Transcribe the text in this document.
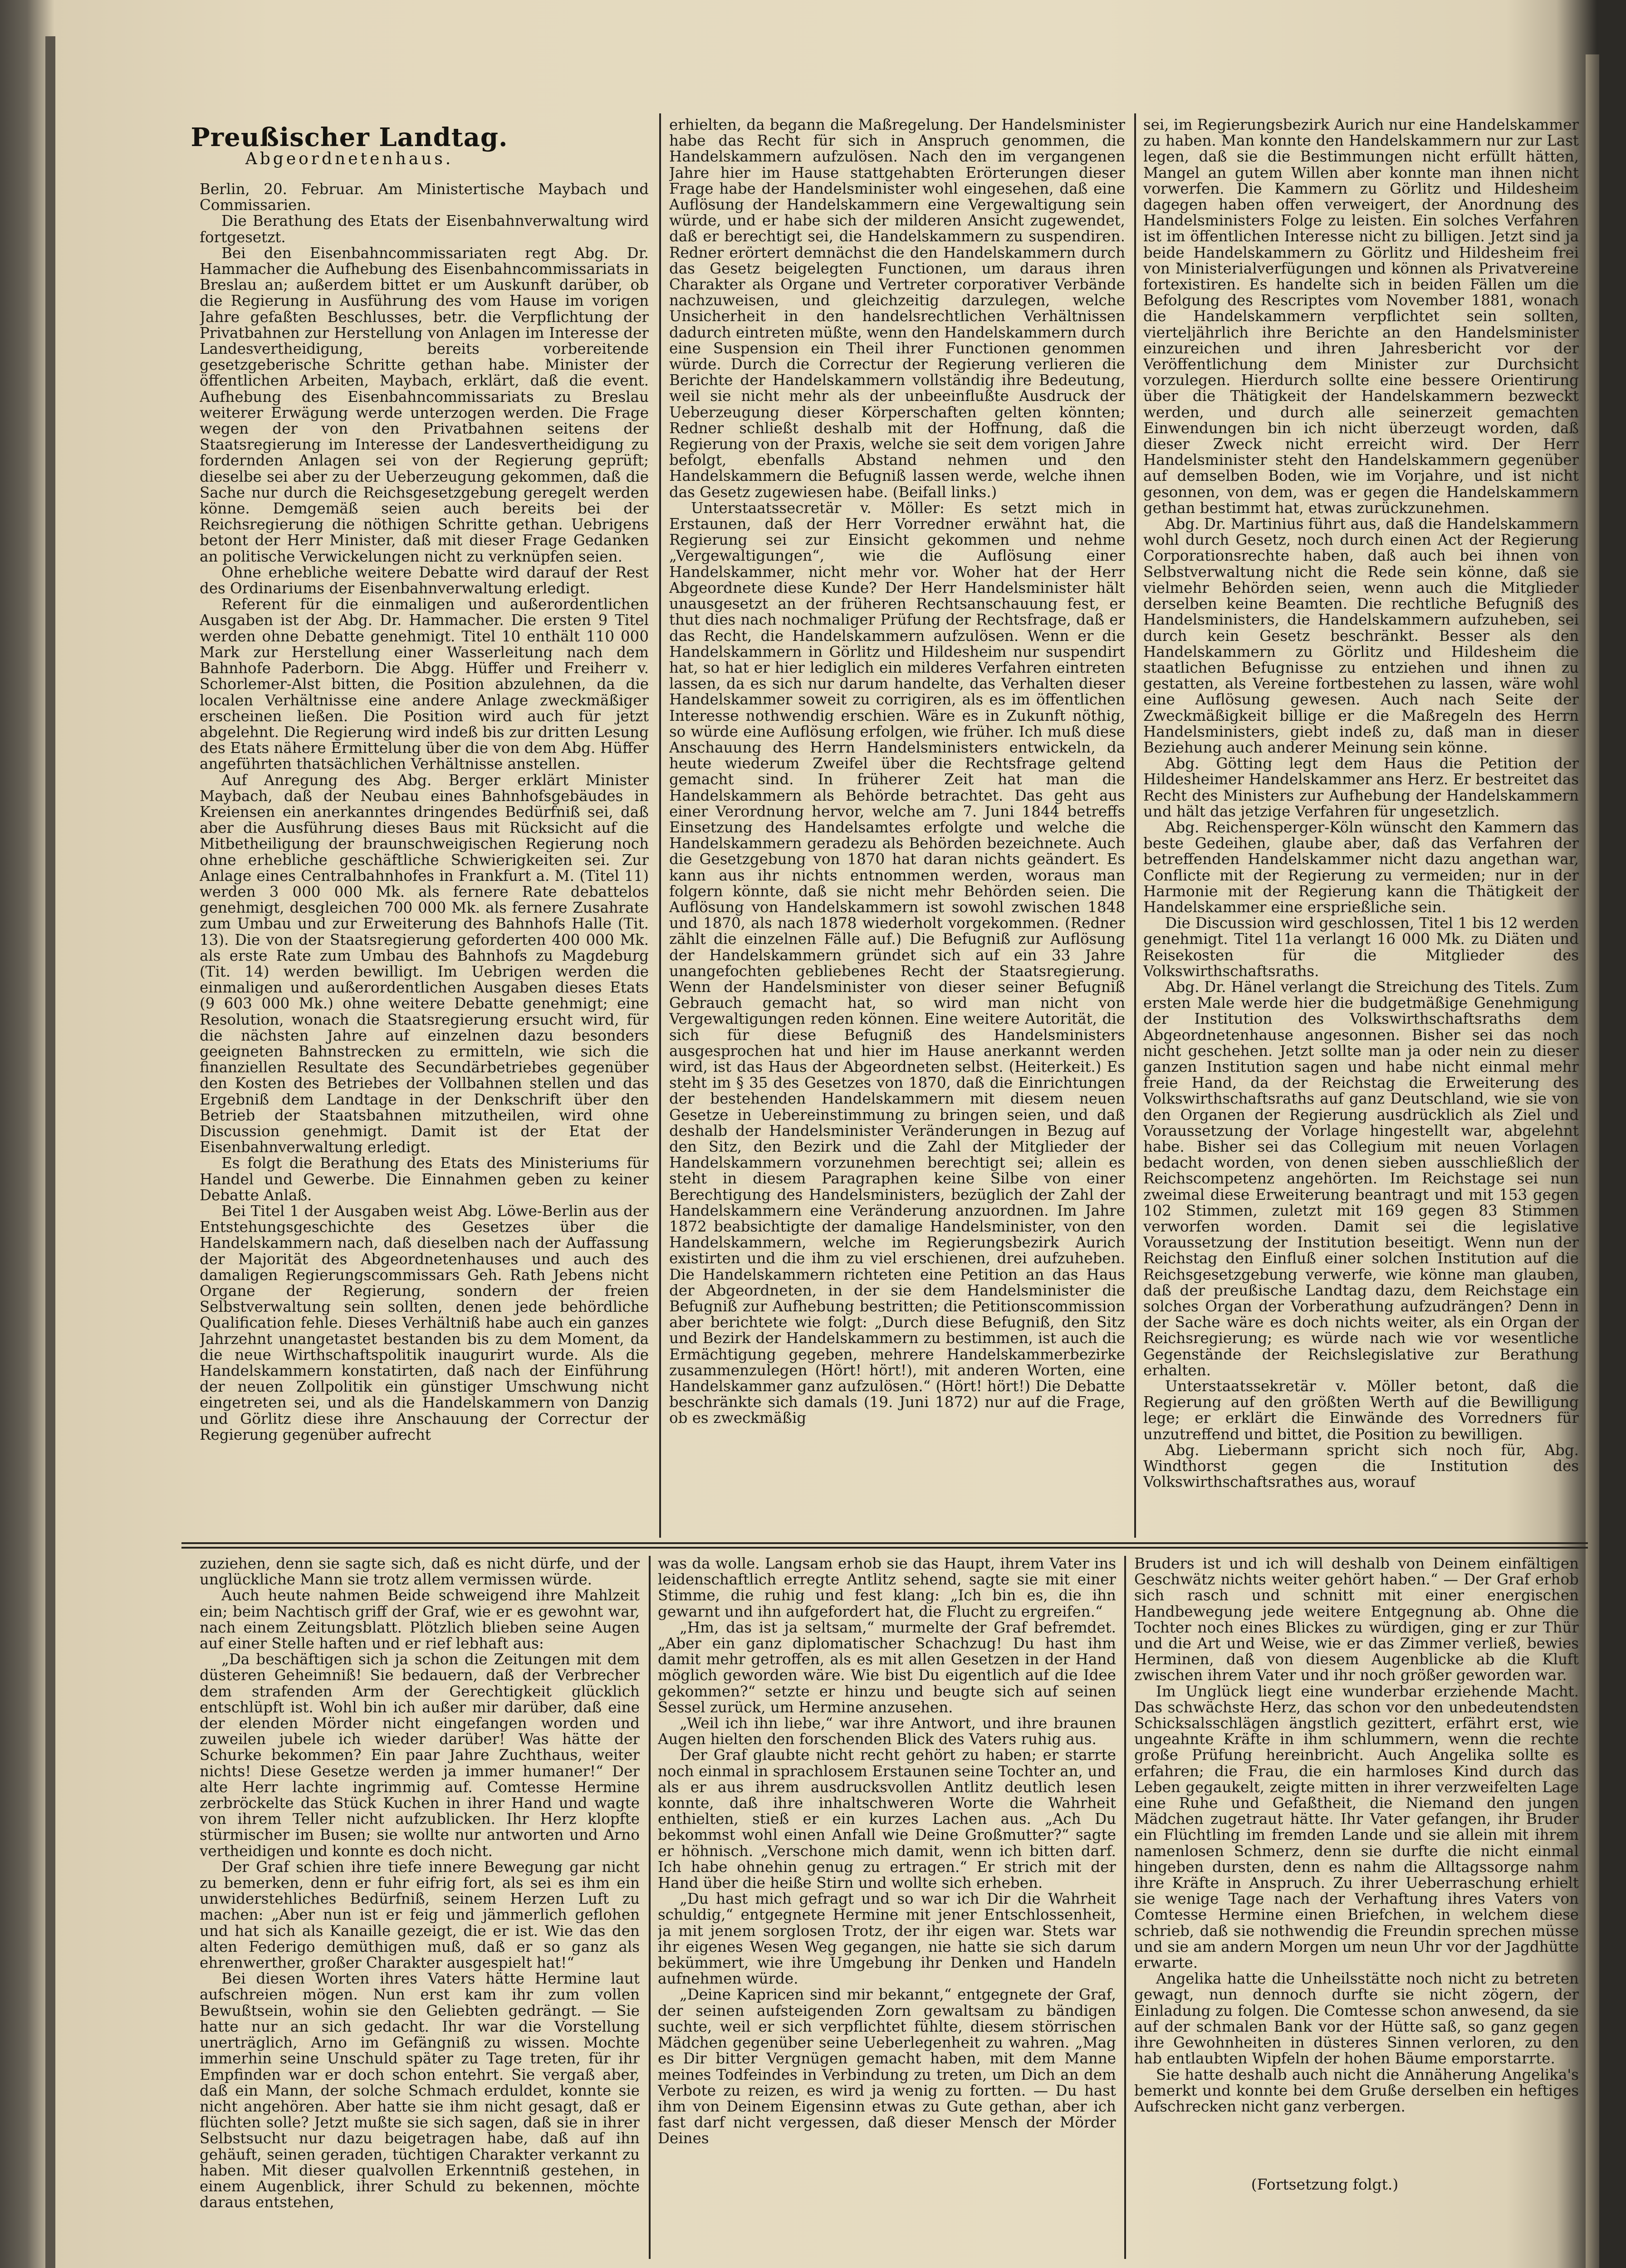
Preußischer Landtag.
Abgeordnetenhaus.

Berlin, 20. Februar. Am Ministertische Maybach und Commissarien.

Die Berathung des Etats der Eisenbahnverwaltung wird fortgesetzt.

Bei den Eisenbahncommissariaten regt Abg. Dr. Hammacher die Aufhebung des Eisenbahncommissariats in Breslau an; außerdem bittet er um Auskunft darüber, ob die Regierung in Ausführung des vom Hause im vorigen Jahre gefaßten Beschlusses, betr. die Verpflichtung der Privatbahnen zur Herstellung von Anlagen im Interesse der Landesvertheidigung, bereits vorbereitende gesetzgeberische Schritte gethan habe. Minister der öffentlichen Arbeiten, Maybach, erklärt, daß die event. Aufhebung des Eisenbahncommissariats zu Breslau weiterer Erwägung werde unterzogen werden. Die Frage wegen der von den Privatbahnen seitens der Staatsregierung im Interesse der Landesvertheidigung zu fordernden Anlagen sei von der Regierung geprüft; dieselbe sei aber zu der Ueberzeugung gekommen, daß die Sache nur durch die Reichsgesetzgebung geregelt werden könne. Demgemäß seien auch bereits bei der Reichsregierung die nöthigen Schritte gethan. Uebrigens betont der Herr Minister, daß mit dieser Frage Gedanken an politische Verwickelungen nicht zu verknüpfen seien.

Ohne erhebliche weitere Debatte wird darauf der Rest des Ordinariums der Eisenbahnverwaltung erledigt.

Referent für die einmaligen und außerordentlichen Ausgaben ist der Abg. Dr. Hammacher. Die ersten 9 Titel werden ohne Debatte genehmigt. Titel 10 enthält 110 000 Mark zur Herstellung einer Wasserleitung nach dem Bahnhofe Paderborn. Die Abgg. Hüffer und Freiherr v. Schorlemer-Alst bitten, die Position abzulehnen, da die localen Verhältnisse eine andere Anlage zweckmäßiger erscheinen ließen. Die Position wird auch für jetzt abgelehnt. Die Regierung wird indeß bis zur dritten Lesung des Etats nähere Ermittelung über die von dem Abg. Hüffer angeführten thatsächlichen Verhältnisse anstellen.

Auf Anregung des Abg. Berger erklärt Minister Maybach, daß der Neubau eines Bahnhofsgebäudes in Kreiensen ein anerkanntes dringendes Bedürfniß sei, daß aber die Ausführung dieses Baus mit Rücksicht auf die Mitbetheiligung der braunschweigischen Regierung noch ohne erhebliche geschäftliche Schwierigkeiten sei. Zur Anlage eines Centralbahnhofes in Frankfurt a. M. (Titel 11) werden 3 000 000 Mk. als fernere Rate debattelos genehmigt, desgleichen 700 000 Mk. als fernere Zusahrate zum Umbau und zur Erweiterung des Bahnhofs Halle (Tit. 13). Die von der Staatsregierung geforderten 400 000 Mk. als erste Rate zum Umbau des Bahnhofs zu Magdeburg (Tit. 14) werden bewilligt. Im Uebrigen werden die einmaligen und außerordentlichen Ausgaben dieses Etats (9 603 000 Mk.) ohne weitere Debatte genehmigt; eine Resolution, wonach die Staatsregierung ersucht wird, für die nächsten Jahre auf einzelnen dazu besonders geeigneten Bahnstrecken zu ermitteln, wie sich die finanziellen Resultate des Secundärbetriebes gegenüber den Kosten des Betriebes der Vollbahnen stellen und das Ergebniß dem Landtage in der Denkschrift über den Betrieb der Staatsbahnen mitzutheilen, wird ohne Discussion genehmigt. Damit ist der Etat der Eisenbahnverwaltung erledigt.

Es folgt die Berathung des Etats des Ministeriums für Handel und Gewerbe. Die Einnahmen geben zu keiner Debatte Anlaß.

Bei Titel 1 der Ausgaben weist Abg. Löwe-Berlin aus der Entstehungsgeschichte des Gesetzes über die Handelskammern nach, daß dieselben nach der Auffassung der Majorität des Abgeordnetenhauses und auch des damaligen Regierungscommissars Geh. Rath Jebens nicht Organe der Regierung, sondern der freien Selbstverwaltung sein sollten, denen jede behördliche Qualification fehle. Dieses Verhältniß habe auch ein ganzes Jahrzehnt unangetastet bestanden bis zu dem Moment, da die neue Wirthschaftspolitik inaugurirt wurde. Als die Handelskammern konstatirten, daß nach der Einführung der neuen Zollpolitik ein günstiger Umschwung nicht eingetreten sei, und als die Handelskammern von Danzig und Görlitz diese ihre Anschauung der Correctur der Regierung gegenüber aufrecht

erhielten, da begann die Maßregelung. Der Handelsminister habe das Recht für sich in Anspruch genommen, die Handelskammern aufzulösen. Nach den im vergangenen Jahre hier im Hause stattgehabten Erörterungen dieser Frage habe der Handelsminister wohl eingesehen, daß eine Auflösung der Handelskammern eine Vergewaltigung sein würde, und er habe sich der milderen Ansicht zugewendet, daß er berechtigt sei, die Handelskammern zu suspendiren. Redner erörtert demnächst die den Handelskammern durch das Gesetz beigelegten Functionen, um daraus ihren Charakter als Organe und Vertreter corporativer Verbände nachzuweisen, und gleichzeitig darzulegen, welche Unsicherheit in den handelsrechtlichen Verhältnissen dadurch eintreten müßte, wenn den Handelskammern durch eine Suspension ein Theil ihrer Functionen genommen würde. Durch die Correctur der Regierung verlieren die Berichte der Handelskammern vollständig ihre Bedeutung, weil sie nicht mehr als der unbeeinflußte Ausdruck der Ueberzeugung dieser Körperschaften gelten könnten; Redner schließt deshalb mit der Hoffnung, daß die Regierung von der Praxis, welche sie seit dem vorigen Jahre befolgt, ebenfalls Abstand nehmen und den Handelskammern die Befugniß lassen werde, welche ihnen das Gesetz zugewiesen habe. (Beifall links.)

Unterstaatssecretär v. Möller: Es setzt mich in Erstaunen, daß der Herr Vorredner erwähnt hat, die Regierung sei zur Einsicht gekommen und nehme „Vergewaltigungen“, wie die Auflösung einer Handelskammer, nicht mehr vor. Woher hat der Herr Abgeordnete diese Kunde? Der Herr Handelsminister hält unausgesetzt an der früheren Rechtsanschauung fest, er thut dies nach nochmaliger Prüfung der Rechtsfrage, daß er das Recht, die Handelskammern aufzulösen. Wenn er die Handelskammern in Görlitz und Hildesheim nur suspendirt hat, so hat er hier lediglich ein milderes Verfahren eintreten lassen, da es sich nur darum handelte, das Verhalten dieser Handelskammer soweit zu corrigiren, als es im öffentlichen Interesse nothwendig erschien. Wäre es in Zukunft nöthig, so würde eine Auflösung erfolgen, wie früher. Ich muß diese Anschauung des Herrn Handelsministers entwickeln, da heute wiederum Zweifel über die Rechtsfrage geltend gemacht sind. In früherer Zeit hat man die Handelskammern als Behörde betrachtet. Das geht aus einer Verordnung hervor, welche am 7. Juni 1844 betreffs Einsetzung des Handelsamtes erfolgte und welche die Handelskammern geradezu als Behörden bezeichnete. Auch die Gesetzgebung von 1870 hat daran nichts geändert. Es kann aus ihr nichts entnommen werden, woraus man folgern könnte, daß sie nicht mehr Behörden seien. Die Auflösung von Handelskammern ist sowohl zwischen 1848 und 1870, als nach 1878 wiederholt vorgekommen. (Redner zählt die einzelnen Fälle auf.) Die Befugniß zur Auflösung der Handelskammern gründet sich auf ein 33 Jahre unangefochten gebliebenes Recht der Staatsregierung. Wenn der Handelsminister von dieser seiner Befugniß Gebrauch gemacht hat, so wird man nicht von Vergewaltigungen reden können. Eine weitere Autorität, die sich für diese Befugniß des Handelsministers ausgesprochen hat und hier im Hause anerkannt werden wird, ist das Haus der Abgeordneten selbst. (Heiterkeit.) Es steht im § 35 des Gesetzes von 1870, daß die Einrichtungen der bestehenden Handelskammern mit diesem neuen Gesetze in Uebereinstimmung zu bringen seien, und daß deshalb der Handelsminister Veränderungen in Bezug auf den Sitz, den Bezirk und die Zahl der Mitglieder der Handelskammern vorzunehmen berechtigt sei; allein es steht in diesem Paragraphen keine Silbe von einer Berechtigung des Handelsministers, bezüglich der Zahl der Handelskammern eine Veränderung anzuordnen. Im Jahre 1872 beabsichtigte der damalige Handelsminister, von den Handelskammern, welche im Regierungsbezirk Aurich existirten und die ihm zu viel erschienen, drei aufzuheben. Die Handelskammern richteten eine Petition an das Haus der Abgeordneten, in der sie dem Handelsminister die Befugniß zur Aufhebung bestritten; die Petitionscommission aber berichtete wie folgt: „Durch diese Befugniß, den Sitz und Bezirk der Handelskammern zu bestimmen, ist auch die Ermächtigung gegeben, mehrere Handelskammerbezirke zusammenzulegen (Hört! hört!), mit anderen Worten, eine Handelskammer ganz aufzulösen.“ (Hört! hört!) Die Debatte beschränkte sich damals (19. Juni 1872) nur auf die Frage, ob es zweckmäßig

sei, im Regierungsbezirk Aurich nur eine Handelskammer zu haben. Man konnte den Handelskammern nur zur Last legen, daß sie die Bestimmungen nicht erfüllt hätten, Mangel an gutem Willen aber konnte man ihnen nicht vorwerfen. Die Kammern zu Görlitz und Hildesheim dagegen haben offen verweigert, der Anordnung des Handelsministers Folge zu leisten. Ein solches Verfahren ist im öffentlichen Interesse nicht zu billigen. Jetzt sind ja beide Handelskammern zu Görlitz und Hildesheim frei von Ministerialverfügungen und können als Privatvereine fortexistiren. Es handelte sich in beiden Fällen um die Befolgung des Rescriptes vom November 1881, wonach die Handelskammern verpflichtet sein sollten, vierteljährlich ihre Berichte an den Handelsminister einzureichen und ihren Jahresbericht vor der Veröffentlichung dem Minister zur Durchsicht vorzulegen. Hierdurch sollte eine bessere Orientirung über die Thätigkeit der Handelskammern bezweckt werden, und durch alle seinerzeit gemachten Einwendungen bin ich nicht überzeugt worden, daß dieser Zweck nicht erreicht wird. Der Herr Handelsminister steht den Handelskammern gegenüber auf demselben Boden, wie im Vorjahre, und ist nicht gesonnen, von dem, was er gegen die Handelskammern gethan bestimmt hat, etwas zurückzunehmen.

Abg. Dr. Martinius führt aus, daß die Handelskammern wohl durch Gesetz, noch durch einen Act der Regierung Corporationsrechte haben, daß auch bei ihnen von Selbstverwaltung nicht die Rede sein könne, daß sie vielmehr Behörden seien, wenn auch die Mitglieder derselben keine Beamten. Die rechtliche Befugniß des Handelsministers, die Handelskammern aufzuheben, sei durch kein Gesetz beschränkt. Besser als den Handelskammern zu Görlitz und Hildesheim die staatlichen Befugnisse zu entziehen und ihnen zu gestatten, als Vereine fortbestehen zu lassen, wäre wohl eine Auflösung gewesen. Auch nach Seite der Zweckmäßigkeit billige er die Maßregeln des Herrn Handelsministers, giebt indeß zu, daß man in dieser Beziehung auch anderer Meinung sein könne.

Abg. Götting legt dem Haus die Petition der Hildesheimer Handelskammer ans Herz. Er bestreitet das Recht des Ministers zur Aufhebung der Handelskammern und hält das jetzige Verfahren für ungesetzlich.

Abg. Reichensperger-Köln wünscht den Kammern das beste Gedeihen, glaube aber, daß das Verfahren der betreffenden Handelskammer nicht dazu angethan war, Conflicte mit der Regierung zu vermeiden; nur in der Harmonie mit der Regierung kann die Thätigkeit der Handelskammer eine ersprießliche sein.

Die Discussion wird geschlossen, Titel 1 bis 12 werden genehmigt. Titel 11a verlangt 16 000 Mk. zu Diäten und Reisekosten für die Mitglieder des Volkswirthschaftsraths.

Abg. Dr. Hänel verlangt die Streichung des Titels. Zum ersten Male werde hier die budgetmäßige Genehmigung der Institution des Volkswirthschaftsraths dem Abgeordnetenhause angesonnen. Bisher sei das noch nicht geschehen. Jetzt sollte man ja oder nein zu dieser ganzen Institution sagen und habe nicht einmal mehr freie Hand, da der Reichstag die Erweiterung des Volkswirthschaftsraths auf ganz Deutschland, wie sie von den Organen der Regierung ausdrücklich als Ziel und Voraussetzung der Vorlage hingestellt war, abgelehnt habe. Bisher sei das Collegium mit neuen Vorlagen bedacht worden, von denen sieben ausschließlich der Reichscompetenz angehörten. Im Reichstage sei nun zweimal diese Erweiterung beantragt und mit 153 gegen 102 Stimmen, zuletzt mit 169 gegen 83 Stimmen verworfen worden. Damit sei die legislative Voraussetzung der Institution beseitigt. Wenn nun der Reichstag den Einfluß einer solchen Institution auf die Reichsgesetzgebung verwerfe, wie könne man glauben, daß der preußische Landtag dazu, dem Reichstage ein solches Organ der Vorberathung aufzudrängen? Denn in der Sache wäre es doch nichts weiter, als ein Organ der Reichsregierung; es würde nach wie vor wesentliche Gegenstände der Reichslegislative zur Berathung erhalten.

Unterstaatssekretär v. Möller betont, daß die Regierung auf den größten Werth auf die Bewilligung lege; er erklärt die Einwände des Vorredners für unzutreffend und bittet, die Position zu bewilligen.

Abg. Liebermann spricht sich noch für, Abg. Windthorst gegen die Institution des Volkswirthschaftsrathes aus, worauf

zuziehen, denn sie sagte sich, daß es nicht dürfe, und der unglückliche Mann sie trotz allem vermissen würde.

Auch heute nahmen Beide schweigend ihre Mahlzeit ein; beim Nachtisch griff der Graf, wie er es gewohnt war, nach einem Zeitungsblatt. Plötzlich blieben seine Augen auf einer Stelle haften und er rief lebhaft aus:

„Da beschäftigen sich ja schon die Zeitungen mit dem düsteren Geheimniß! Sie bedauern, daß der Verbrecher dem strafenden Arm der Gerechtigkeit glücklich entschlüpft ist. Wohl bin ich außer mir darüber, daß eine der elenden Mörder nicht eingefangen worden und zuweilen jubele ich wieder darüber! Was hätte der Schurke bekommen? Ein paar Jahre Zuchthaus, weiter nichts! Diese Gesetze werden ja immer humaner!“ Der alte Herr lachte ingrimmig auf. Comtesse Hermine zerbröckelte das Stück Kuchen in ihrer Hand und wagte von ihrem Teller nicht aufzublicken. Ihr Herz klopfte stürmischer im Busen; sie wollte nur antworten und Arno vertheidigen und konnte es doch nicht.

Der Graf schien ihre tiefe innere Bewegung gar nicht zu bemerken, denn er fuhr eifrig fort, als sei es ihm ein unwiderstehliches Bedürfniß, seinem Herzen Luft zu machen: „Aber nun ist er feig und jämmerlich geflohen und hat sich als Kanaille gezeigt, die er ist. Wie das den alten Federigo demüthigen muß, daß er so ganz als ehrenwerther, großer Charakter ausgespielt hat!“

Bei diesen Worten ihres Vaters hätte Hermine laut aufschreien mögen. Nun erst kam ihr zum vollen Bewußtsein, wohin sie den Geliebten gedrängt. — Sie hatte nur an sich gedacht. Ihr war die Vorstellung unerträglich, Arno im Gefängniß zu wissen. Mochte immerhin seine Unschuld später zu Tage treten, für ihr Empfinden war er doch schon entehrt. Sie vergaß aber, daß ein Mann, der solche Schmach erduldet, konnte sie nicht angehören. Aber hatte sie ihm nicht gesagt, daß er flüchten solle? Jetzt mußte sie sich sagen, daß sie in ihrer Selbstsucht nur dazu beigetragen habe, daß auf ihn gehäuft, seinen geraden, tüchtigen Charakter verkannt zu haben. Mit dieser qualvollen Erkenntniß gestehen, in einem Augenblick, ihrer Schuld zu bekennen, möchte daraus entstehen,

was da wolle. Langsam erhob sie das Haupt, ihrem Vater ins leidenschaftlich erregte Antlitz sehend, sagte sie mit einer Stimme, die ruhig und fest klang: „Ich bin es, die ihn gewarnt und ihn aufgefordert hat, die Flucht zu ergreifen.“

„Hm, das ist ja seltsam,“ murmelte der Graf befremdet. „Aber ein ganz diplomatischer Schachzug! Du hast ihm damit mehr getroffen, als es mit allen Gesetzen in der Hand möglich geworden wäre. Wie bist Du eigentlich auf die Idee gekommen?“ setzte er hinzu und beugte sich auf seinen Sessel zurück, um Hermine anzusehen.

„Weil ich ihn liebe,“ war ihre Antwort, und ihre braunen Augen hielten den forschenden Blick des Vaters ruhig aus.

Der Graf glaubte nicht recht gehört zu haben; er starrte noch einmal in sprachlosem Erstaunen seine Tochter an, und als er aus ihrem ausdrucksvollen Antlitz deutlich lesen konnte, daß ihre inhaltschweren Worte die Wahrheit enthielten, stieß er ein kurzes Lachen aus. „Ach Du bekommst wohl einen Anfall wie Deine Großmutter?“ sagte er höhnisch. „Verschone mich damit, wenn ich bitten darf. Ich habe ohnehin genug zu ertragen.“ Er strich mit der Hand über die heiße Stirn und wollte sich erheben.

„Du hast mich gefragt und so war ich Dir die Wahrheit schuldig,“ entgegnete Hermine mit jener Entschlossenheit, ja mit jenem sorglosen Trotz, der ihr eigen war. Stets war ihr eigenes Wesen Weg gegangen, nie hatte sie sich darum bekümmert, wie ihre Umgebung ihr Denken und Handeln aufnehmen würde.

„Deine Kapricen sind mir bekannt,“ entgegnete der Graf, der seinen aufsteigenden Zorn gewaltsam zu bändigen suchte, weil er sich verpflichtet fühlte, diesem störrischen Mädchen gegenüber seine Ueberlegenheit zu wahren. „Mag es Dir bitter Vergnügen gemacht haben, mit dem Manne meines Todfeindes in Verbindung zu treten, um Dich an dem Verbote zu reizen, es wird ja wenig zu fortten. — Du hast ihm von Deinem Eigensinn etwas zu Gute gethan, aber ich fast darf nicht vergessen, daß dieser Mensch der Mörder Deines

Bruders ist und ich will deshalb von Deinem einfältigen Geschwätz nichts weiter gehört haben.“ — Der Graf erhob sich rasch und schnitt mit einer energischen Handbewegung jede weitere Entgegnung ab. Ohne die Tochter noch eines Blickes zu würdigen, ging er zur Thür und die Art und Weise, wie er das Zimmer verließ, bewies Herminen, daß von diesem Augenblicke ab die Kluft zwischen ihrem Vater und ihr noch größer geworden war.

Im Unglück liegt eine wunderbar erziehende Macht. Das schwächste Herz, das schon vor den unbedeutendsten Schicksalsschlägen ängstlich gezittert, erfährt erst, wie ungeahnte Kräfte in ihm schlummern, wenn die rechte große Prüfung hereinbricht. Auch Angelika sollte es erfahren; die Frau, die ein harmloses Kind durch das Leben gegaukelt, zeigte mitten in ihrer verzweifelten Lage eine Ruhe und Gefaßtheit, die Niemand den jungen Mädchen zugetraut hätte. Ihr Vater gefangen, ihr Bruder ein Flüchtling im fremden Lande und sie allein mit ihrem namenlosen Schmerz, denn sie durfte die nicht einmal hingeben dursten, denn es nahm die Alltagssorge nahm ihre Kräfte in Anspruch. Zu ihrer Ueberraschung erhielt sie wenige Tage nach der Verhaftung ihres Vaters von Comtesse Hermine einen Briefchen, in welchem diese schrieb, daß sie nothwendig die Freundin sprechen müsse und sie am andern Morgen um neun Uhr vor der Jagdhütte erwarte.

Angelika hatte die Unheilsstätte noch nicht zu betreten gewagt, nun dennoch durfte sie nicht zögern, der Einladung zu folgen. Die Comtesse schon anwesend, da sie auf der schmalen Bank vor der Hütte saß, so ganz gegen ihre Gewohnheiten in düsteres Sinnen verloren, zu den hab entlaubten Wipfeln der hohen Bäume emporstarrte.

Sie hatte deshalb auch nicht die Annäherung Angelika's bemerkt und konnte bei dem Gruße derselben ein heftiges Aufschrecken nicht ganz verbergen.

(Fortsetzung folgt.)
